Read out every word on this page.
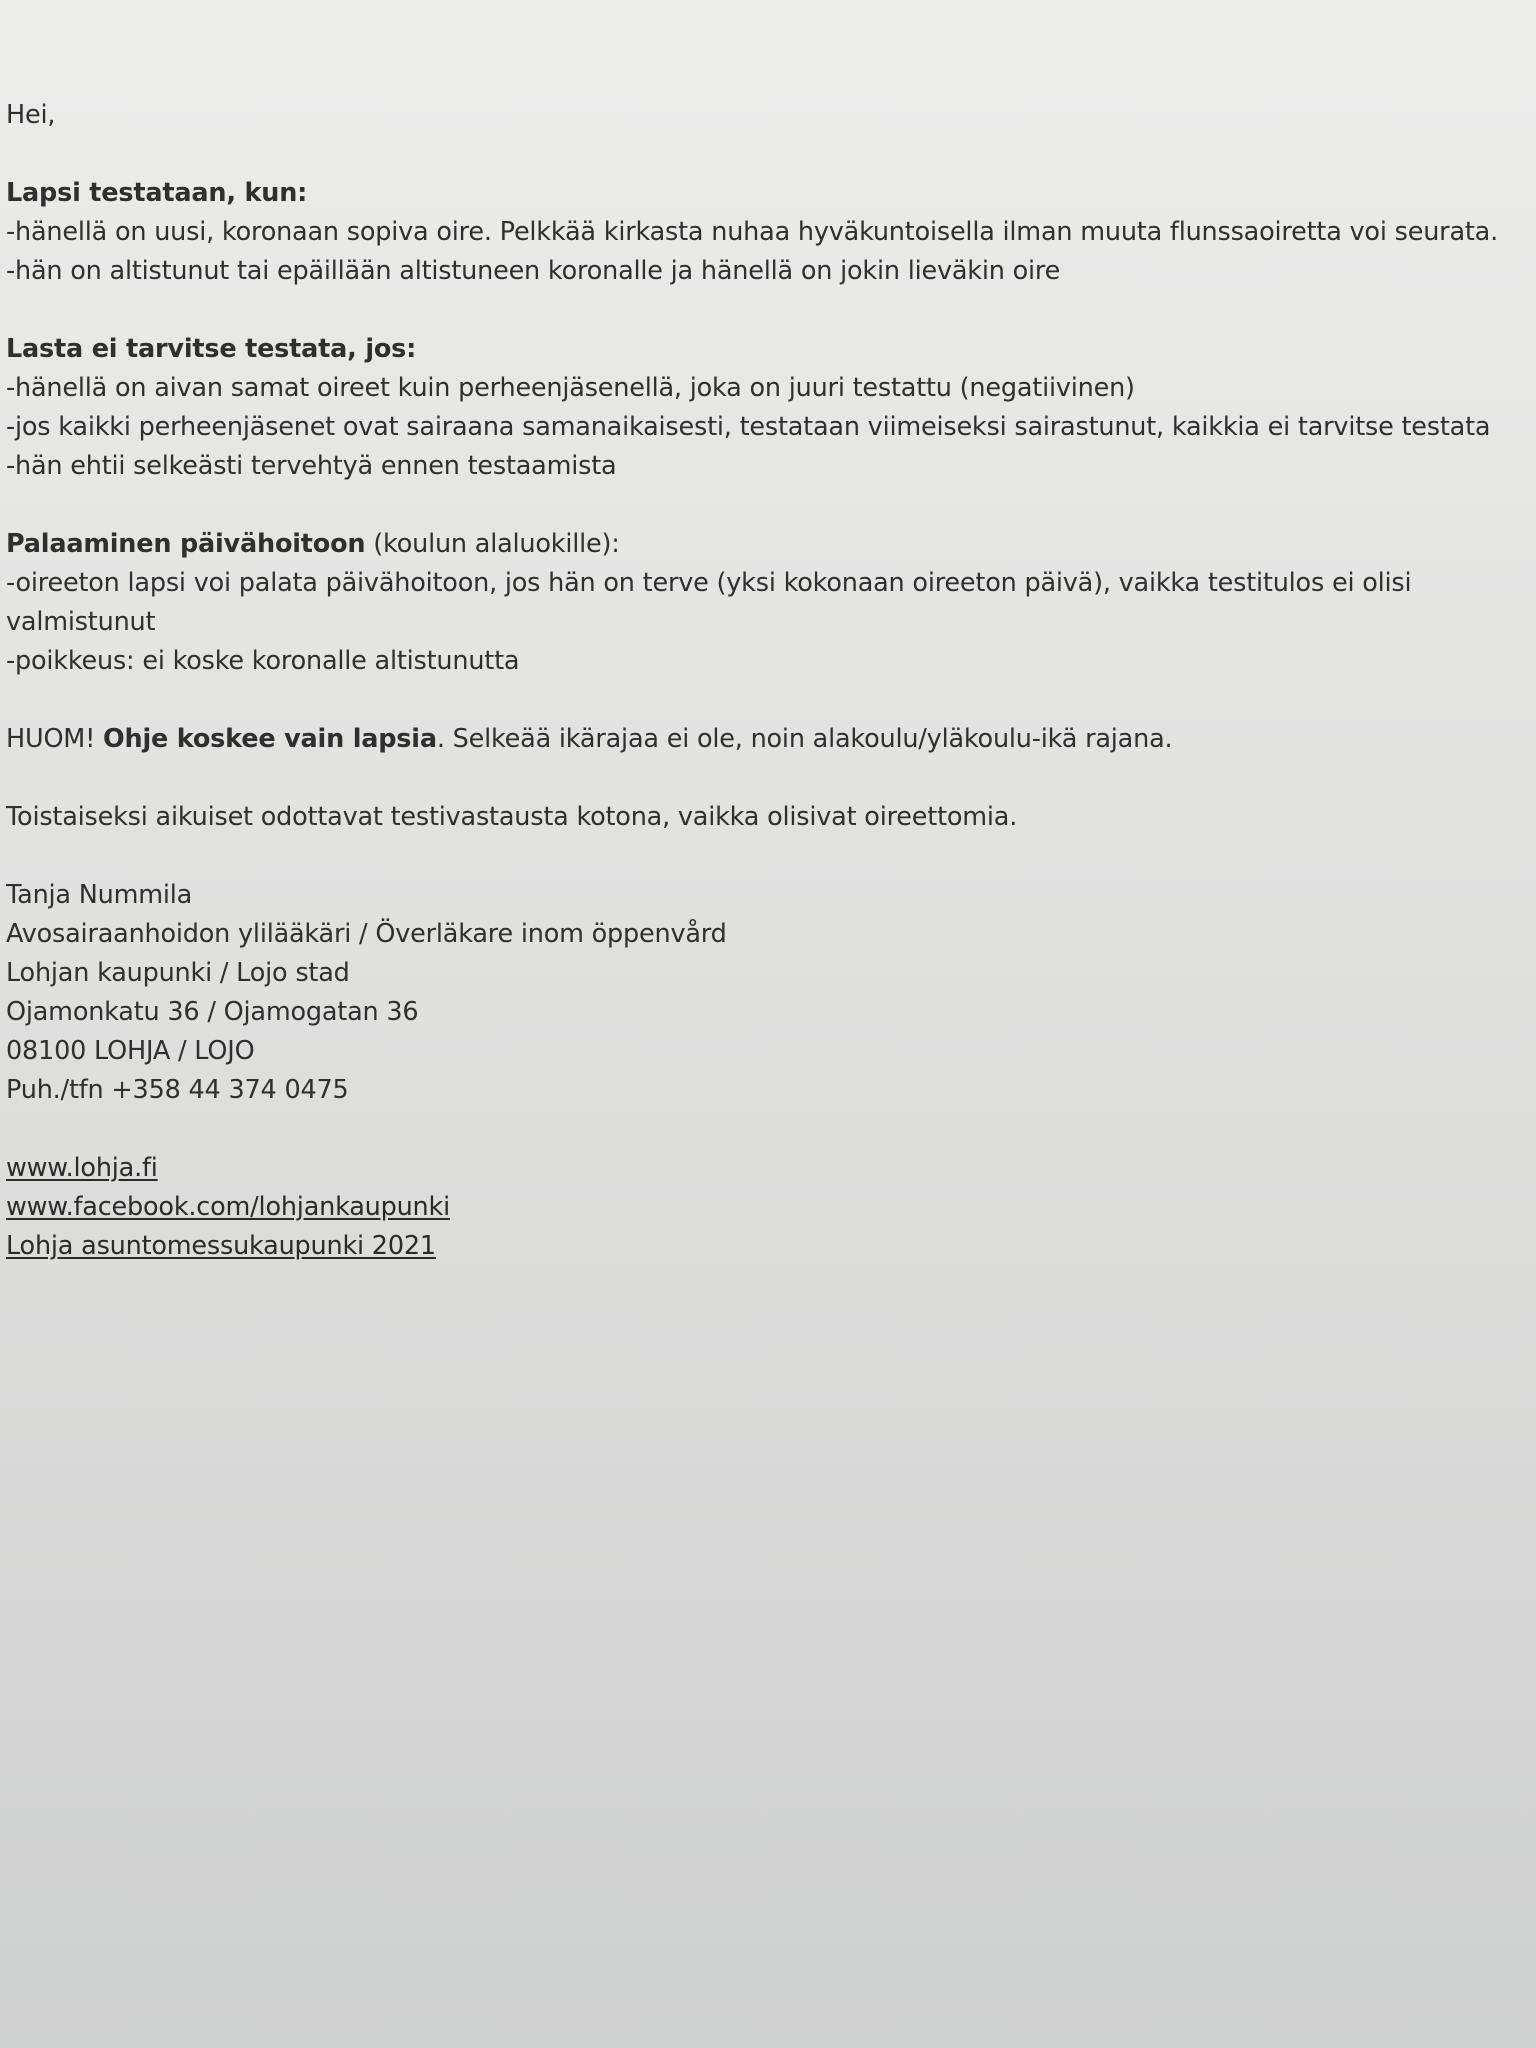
Hei,

Lapsi testataan, kun:

-hänellä on uusi, koronaan sopiva oire. Pelkkää kirkasta nuhaa hyväkuntoisella ilman muuta flunssaoiretta voi seurata.

-hän on altistunut tai epäillään altistuneen koronalle ja hänellä on jokin lieväkin oire

Lasta ei tarvitse testata, jos:

-hänellä on aivan samat oireet kuin perheenjäsenellä, joka on juuri testattu (negatiivinen)

-jos kaikki perheenjäsenet ovat sairaana samanaikaisesti, testataan viimeiseksi sairastunut, kaikkia ei tarvitse testata

-hän ehtii selkeästi tervehtyä ennen testaamista

Palaaminen päivähoitoon (koulun alaluokille):

-oireeton lapsi voi palata päivähoitoon, jos hän on terve (yksi kokonaan oireeton päivä), vaikka testitulos ei olisi

valmistunut

-poikkeus: ei koske koronalle altistunutta

HUOM! Ohje koskee vain lapsia. Selkeää ikärajaa ei ole, noin alakoulu/yläkoulu-ikä rajana.

Toistaiseksi aikuiset odottavat testivastausta kotona, vaikka olisivat oireettomia.

Tanja Nummila

Avosairaanhoidon ylilääkäri / Överläkare inom öppenvård

Lohjan kaupunki / Lojo stad

Ojamonkatu 36 / Ojamogatan 36

08100 LOHJA / LOJO

Puh./tfn +358 44 374 0475

www.lohja.fi

www.facebook.com/lohjankaupunki

Lohja asuntomessukaupunki 2021
